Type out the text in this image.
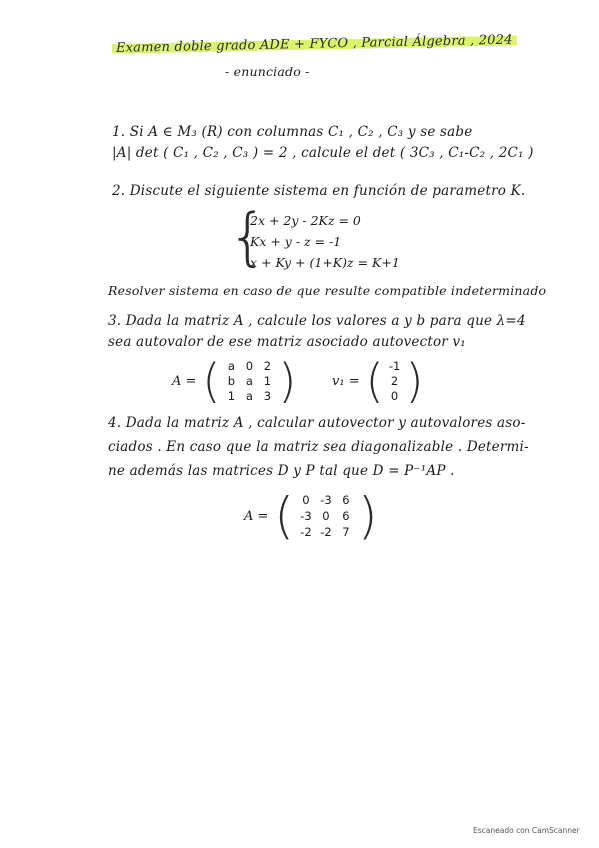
Examen doble grado ADE + FYCO , Parcial Álgebra , 2024
- enunciado -
1. Si A ∈ M₃ (R) con columnas C₁ , C₂ , C₃ y se sabe
|A| det ( C₁ , C₂ , C₃ ) = 2 , calcule el det ( 3C₃ , C₁-C₂ , 2C₁ )
2. Discute el siguiente sistema en función de parametro K.
{
2x + 2y - 2Kz = 0
Kx + y - z = -1
x + Ky + (1+K)z = K+1
Resolver sistema en caso de que resulte compatible indeterminado
3. Dada la matriz A , calcule los valores a y b para que λ=4
sea autovalor de ese matriz asociado autovector v₁
A = ( a 0 2
b a 1
1 a 3 )	v₁ = ( -1
2
0 )
4. Dada la matriz A , calcular autovector y autovalores aso-
ciados . En caso que la matriz sea diagonalizable . Determi-
ne además las matrices D y P tal que D = P⁻¹AP .
A = ( 0 -3 6
-3 0	6
-2 -2 7 )
Escaneado con CamScanner
